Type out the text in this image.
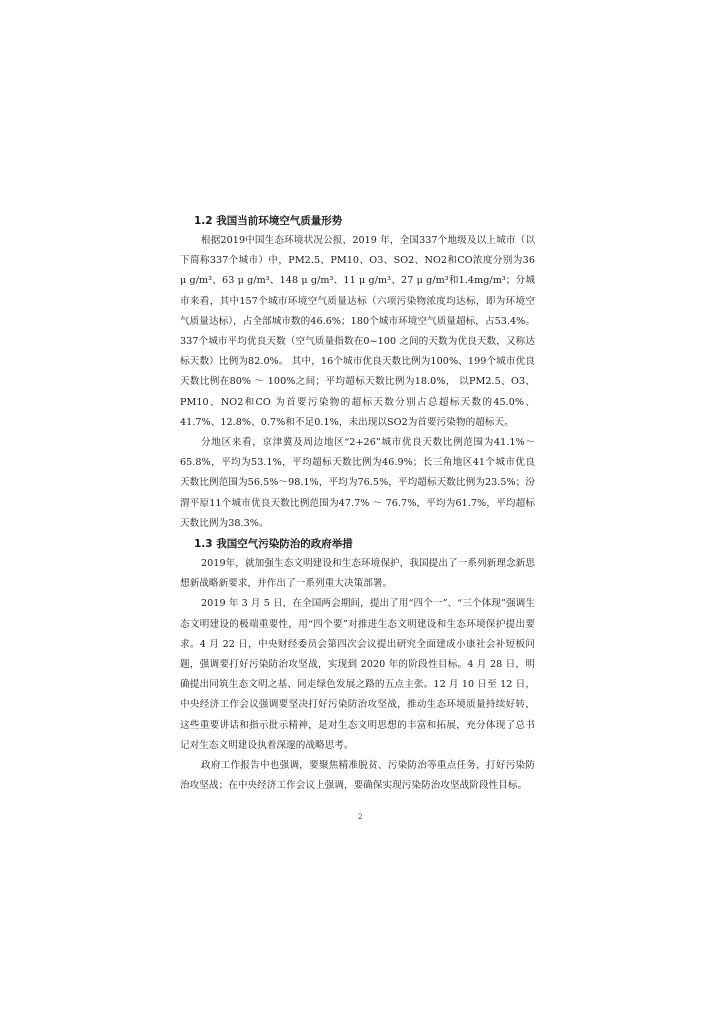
1.2 我国当前环境空气质量形势

根据2019中国生态环境状况公报，2019 年，全国337个地级及以上城市（以下简称337个城市）中，PM2.5、PM10、O3、SO2、NO2和CO浓度分别为36 μ g/m³、63 μ g/m³、148 μ g/m³、11 μ g/m³、27 μ g/m³和1.4mg/m³；分城市来看，其中157个城市环境空气质量达标（六项污染物浓度均达标，即为环境空气质量达标），占全部城市数的46.6%；180个城市环境空气质量超标，占53.4%。337个城市平均优良天数（空气质量指数在0~100 之间的天数为优良天数，又称达标天数）比例为82.0%。 其中，16个城市优良天数比例为100%、199个城市优良天数比例在80% ～ 100%之间；平均超标天数比例为18.0%， 以PM2.5、O3、PM10、NO2和CO 为首要污染物的超标天数分别占总超标天数的45.0%、41.7%、12.8%、0.7%和不足0.1%，未出现以SO2为首要污染物的超标天。

分地区来看，京津冀及周边地区“2+26”城市优良天数比例范围为41.1%～65.8%，平均为53.1%，平均超标天数比例为46.9%；长三角地区41个城市优良天数比例范围为56.5%～98.1%，平均为76.5%，平均超标天数比例为23.5%；汾渭平原11个城市优良天数比例范围为47.7% ～ 76.7%，平均为61.7%，平均超标天数比例为38.3%。

1.3 我国空气污染防治的政府举措

2019年，就加强生态文明建设和生态环境保护，我国提出了一系列新理念新思想新战略新要求，并作出了一系列重大决策部署。

2019 年 3 月 5 日，在全国两会期间，提出了用“四个一”、“三个体现”强调生态文明建设的极端重要性，用“四个要”对推进生态文明建设和生态环境保护提出要求。4 月 22 日，中央财经委员会第四次会议提出研究全面建成小康社会补短板问题，强调要打好污染防治攻坚战，实现到 2020 年的阶段性目标。4 月 28 日，明确提出同筑生态文明之基、同走绿色发展之路的五点主张。12 月 10 日至 12 日，中央经济工作会议强调要坚决打好污染防治攻坚战，推动生态环境质量持续好转，这些重要讲话和指示批示精神，是对生态文明思想的丰富和拓展，充分体现了总书记对生态文明建设执着深邃的战略思考。

政府工作报告中也强调，要聚焦精准脱贫、污染防治等重点任务，打好污染防治攻坚战；在中央经济工作会议上强调，要确保实现污染防治攻坚战阶段性目标。

2
